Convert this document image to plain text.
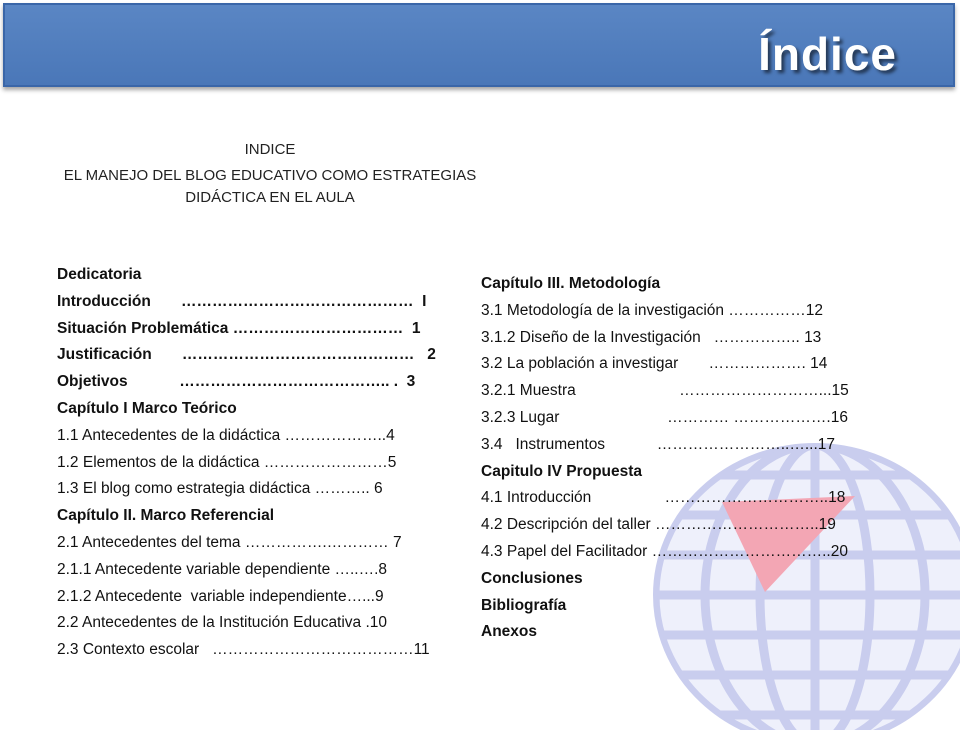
Índice
INDICE
EL MANEJO DEL BLOG EDUCATIVO COMO ESTRATEGIAS
DIDÁCTICA EN EL AULA
Dedicatoria
Introducción       ………………………………………  I
Situación Problemática ……………………………  1
Justificación       ………………………………………   2
Objetivos            ………………………………….. .  3
Capítulo I Marco Teórico
1.1 Antecedentes de la didáctica ………………..4
1.2 Elementos de la didáctica ……………………5
1.3 El blog como estrategia didáctica ……….. 6
Capítulo II. Marco Referencial
2.1 Antecedentes del tema …………….………… 7
2.1.1 Antecedente variable dependiente …..….8
2.1.2 Antecedente  variable independiente…...9
2.2 Antecedentes de la Institución Educativa .10
2.3 Contexto escolar   …………………………………11
Capítulo III. Metodología
3.1 Metodología de la investigación ……………12
3.1.2 Diseño de la Investigación   …………….. 13
3.2 La población a investigar       ………………. 14
3.2.1 Muestra                        ………………………...15
3.2.3 Lugar                         ………… ……………….16
3.4   Instrumentos            ……………………..…...17
Capitulo IV Propuesta
4.1 Introducción                 …………………………..18
4.2 Descripción del taller …………………………..19
4.3 Papel del Facilitador ……………………………..20
Conclusiones
Bibliografía
Anexos
